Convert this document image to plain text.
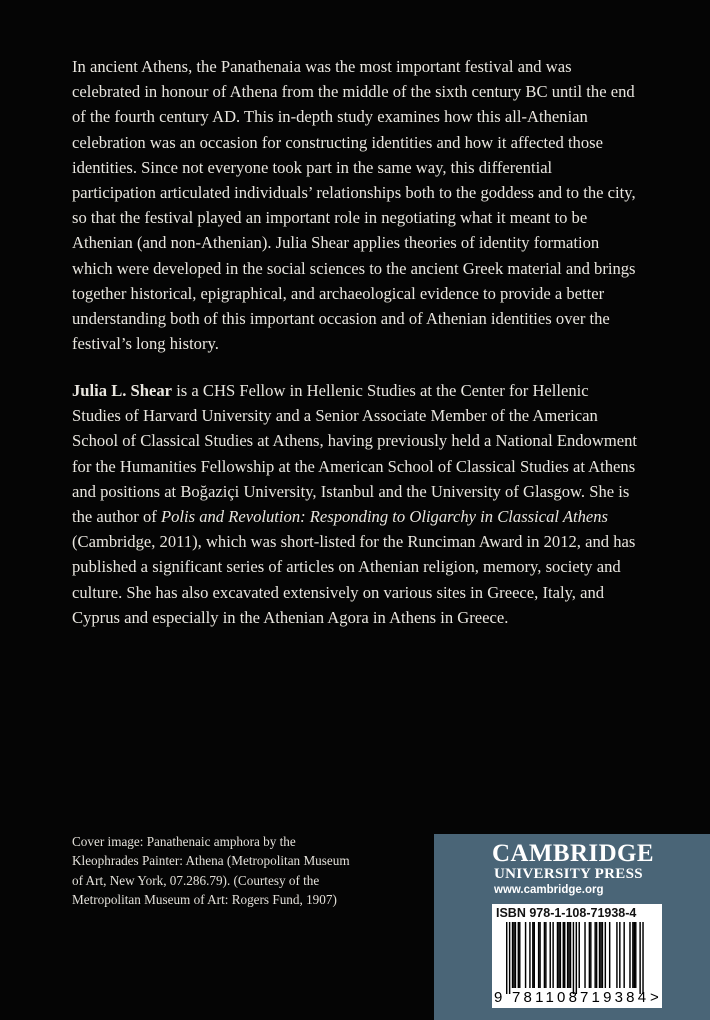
In ancient Athens, the Panathenaia was the most important festival and was celebrated in honour of Athena from the middle of the sixth century BC until the end of the fourth century AD. This in-depth study examines how this all-Athenian celebration was an occasion for constructing identities and how it affected those identities. Since not everyone took part in the same way, this differential participation articulated individuals’ relationships both to the goddess and to the city, so that the festival played an important role in negotiating what it meant to be Athenian (and non-Athenian). Julia Shear applies theories of identity formation which were developed in the social sciences to the ancient Greek material and brings together historical, epigraphical, and archaeological evidence to provide a better understanding both of this important occasion and of Athenian identities over the festival’s long history.

Julia L. Shear is a CHS Fellow in Hellenic Studies at the Center for Hellenic Studies of Harvard University and a Senior Associate Member of the American School of Classical Studies at Athens, having previously held a National Endowment for the Humanities Fellowship at the American School of Classical Studies at Athens and positions at Boğaziçi University, Istanbul and the University of Glasgow. She is the author of Polis and Revolution: Responding to Oligarchy in Classical Athens (Cambridge, 2011), which was short-listed for the Runciman Award in 2012, and has published a significant series of articles on Athenian religion, memory, society and culture. She has also excavated extensively on various sites in Greece, Italy, and Cyprus and especially in the Athenian Agora in Athens in Greece.

Cover image: Panathenaic amphora by the Kleophrades Painter: Athena (Metropolitan Museum of Art, New York, 07.286.79). (Courtesy of the Metropolitan Museum of Art: Rogers Fund, 1907)
CAMBRIDGE
UNIVERSITY PRESS
www.cambridge.org
ISBN 978-1-108-71938-4
9 781108 719384 >
